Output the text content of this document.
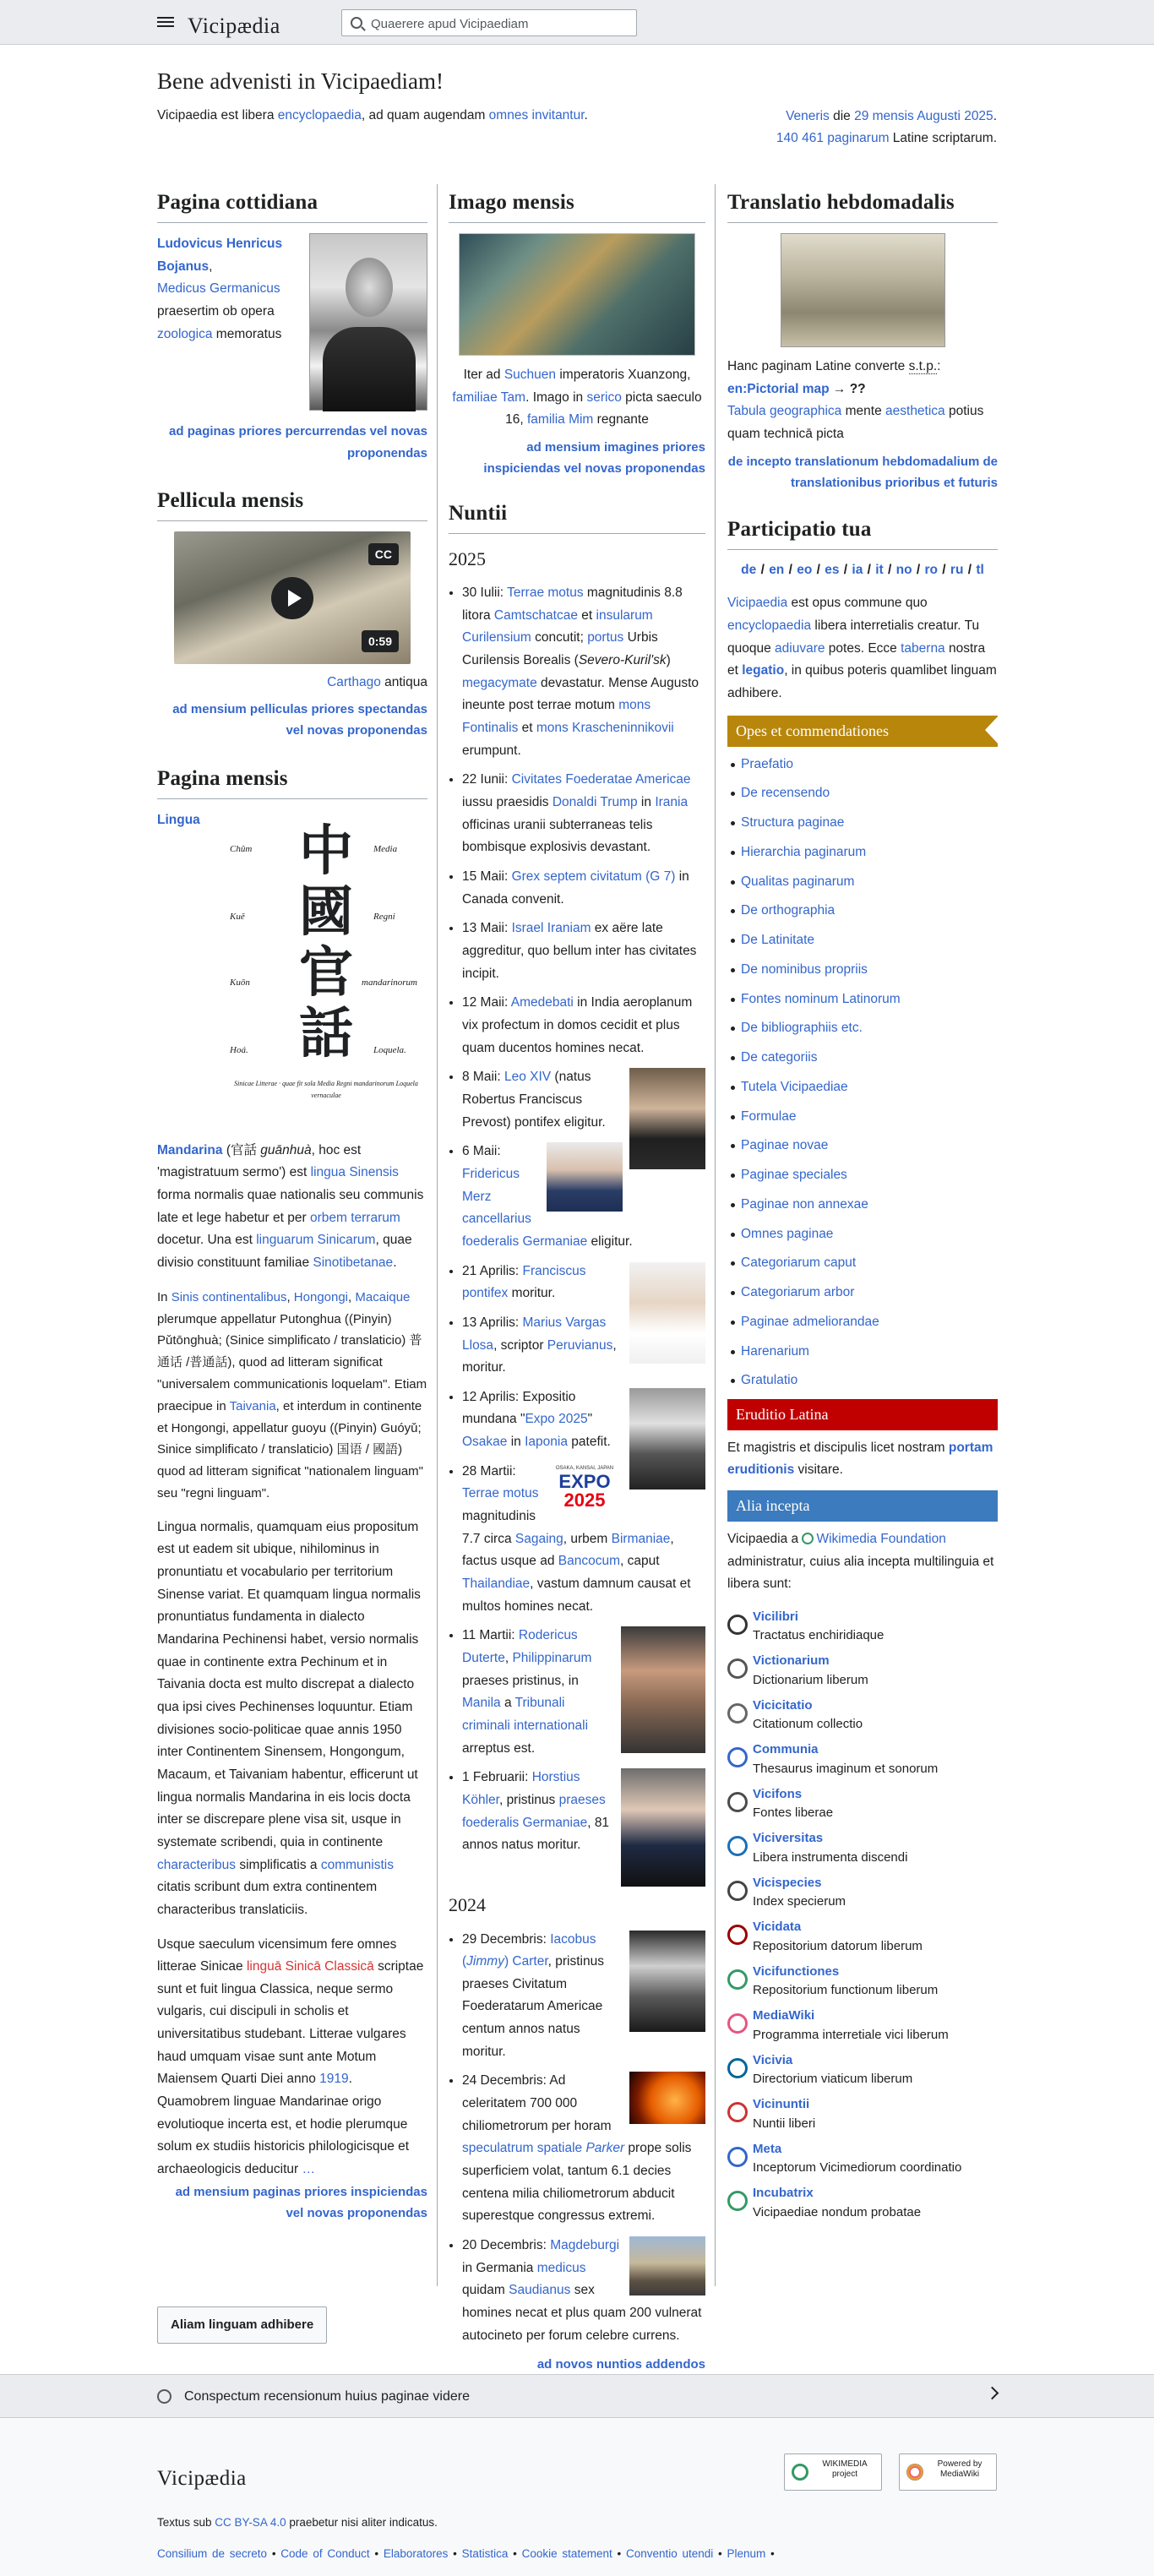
Vicipædia	Quaerere apud Vicipaediam
Bene advenisti in Vicipaediam!
Vicipaedia est libera encyclopaedia, ad quam augendam omnes invitantur.	Veneris die 29 mensis Augusti 2025.
140 461 paginarum Latine scriptarum.
Pagina cottidiana
Ludovicus Henricus Bojanus,
Medicus Germanicus praesertim ob opera zoologica memoratus
ad paginas priores percurrendas vel novas proponendas
Pellicula mensis
CC
0:59
Carthago antiqua
ad mensium pelliculas priores spectandas vel novas proponendas
Pagina mensis
中
國
官
話
Chûm
Kuĕ
Kuōn
Hoá.
Media
Regni
mandarinorum
Loquela.
Sinicae Litterae · quae fit sola Media Regni mandarinorum Loquela vernaculae
Lingua Mandarina (官話 guānhuà, hoc est 'magistratuum sermo') est lingua Sinensis forma normalis quae nationalis seu communis late et lege habetur et per orbem terrarum docetur. Una est linguarum Sinicarum, quae divisio constituunt familiae Sinotibetanae.
In Sinis continentalibus, Hongongi, Macaique plerumque appellatur Putonghua ((Pinyin) Pǔtōnghuà; (Sinice simplificato / translaticio) 普通话 /普通話), quod ad litteram significat "universalem communicationis loquelam". Etiam praecipue in Taivania, et interdum in continente et Hongongi, appellatur guoyu ((Pinyin) Guóyǔ; Sinice simplificato / translaticio) 国语 / 國語) quod ad litteram significat "nationalem linguam" seu "regni linguam".
Lingua normalis, quamquam eius propositum est ut eadem sit ubique, nihilominus in pronuntiatu et vocabulario per territorium Sinense variat. Et quamquam lingua normalis pronuntiatus fundamenta in dialecto Mandarina Pechinensi habet, versio normalis quae in continente extra Pechinum et in Taivania docta est multo discrepat a dialecto qua ipsi cives Pechinenses loquuntur. Etiam divisiones socio-politicae quae annis 1950 inter Continentem Sinensem, Hongongum, Macaum, et Taivaniam habentur, efficerunt ut lingua normalis Mandarina in eis locis docta inter se discrepare plene visa sit, usque in systemate scribendi, quia in continente characteribus simplificatis a communistis citatis scribunt dum extra continentem characteribus translaticiis.
Usque saeculum vicensimum fere omnes litterae Sinicae linguā Sinicā Classicā scriptae sunt et fuit lingua Classica, neque sermo vulgaris, cui discipuli in scholis et universitatibus studebant. Litterae vulgares haud umquam visae sunt ante Motum Maiensem Quarti Diei anno 1919. Quamobrem linguae Mandarinae origo evolutioque incerta est, et hodie plerumque solum ex studiis historicis philologicisque et archaeologicis deducitur …
ad mensium paginas priores inspiciendas vel novas proponendas
Imago mensis
Iter ad Suchuen imperatoris Xuanzong, familiae Tam. Imago in serico picta saeculo 16, familia Mim regnante
ad mensium imagines priores inspiciendas vel novas proponendas
Nuntii
2025
• 30 Iulii: Terrae motus magnitudinis 8.8 litora Camtschatcae et insularum Curilensium concutit; portus Urbis Curilensis Borealis (Severo-Kuril'sk) megacymate devastatur. Mense Augusto ineunte post terrae motum mons Fontinalis et mons Krascheninnikovii erumpunt.
• 22 Iunii: Civitates Foederatae Americae iussu praesidis Donaldi Trump in Irania officinas uranii subterraneas telis bombisque explosivis devastant.
• 15 Maii: Grex septem civitatum (G 7) in Canada convenit.
• 13 Maii: Israel Iraniam ex aëre late aggreditur, quo bellum inter has civitates incipit.
• 12 Maii: Amedebati in India aeroplanum vix profectum in domos cecidit et plus quam ducentos homines necat.
• 8 Maii: Leo XIV (natus Robertus Franciscus Prevost) pontifex eligitur.
• 6 Maii: Fridericus Merz cancellarius foederalis Germaniae eligitur.
• 21 Aprilis: Franciscus pontifex moritur.
• 13 Aprilis: Marius Vargas Llosa, scriptor Peruvianus, moritur.
• 12 Aprilis: Expositio mundana "Expo 2025" Osakae in Iaponia patefit.
• OSAKA, KANSAI, JAPAN
EXPO
2025
28 Martii: Terrae motus magnitudinis 7.7 circa Sagaing, urbem Birmaniae, factus usque ad Bancocum, caput Thailandiae, vastum damnum causat et multos homines necat.
• 11 Martii: Rodericus Duterte, Philippinarum praeses pristinus, in Manila a Tribunali criminali internationali arreptus est.
• 1 Februarii: Horstius Köhler, pristinus praeses foederalis Germaniae, 81 annos natus moritur.
2024
• 29 Decembris: Iacobus (Jimmy) Carter, pristinus praeses Civitatum Foederatarum Americae centum annos natus moritur.
• 24 Decembris: Ad celeritatem 700 000 chiliometrorum per horam speculatrum spatiale Parker prope solis superficiem volat, tantum 6.1 decies centena milia chiliometrorum abducit superestque congressus extremi.
• 20 Decembris: Magdeburgi in Germania medicus quidam Saudianus sex homines necat et plus quam 200 vulnerat autocineto per forum celebre currens.
ad novos nuntios addendos
Translatio hebdomadalis
Hanc paginam Latine converte s.t.p.:
en:Pictorial map → ??
Tabula geographica mente aesthetica potius quam technicā picta
de incepto translationum hebdomadalium de translationibus prioribus et futuris
Participatio tua
de / en / eo / es / ia / it / no / ro / ru / tl
Vicipaedia est opus commune quo encyclopaedia libera interretialis creatur. Tu quoque adiuvare potes. Ecce taberna nostra et legatio, in quibus poteris quamlibet linguam adhibere.
Opes et commendationes
Praefatio
De recensendo
Structura paginae
Hierarchia paginarum
Qualitas paginarum
De orthographia
De Latinitate
De nominibus propriis
Fontes nominum Latinorum
De bibliographiis etc.
De categoriis
Tutela Vicipaediae
Formulae
Paginae novae
Paginae speciales
Paginae non annexae
Omnes paginae
Categoriarum caput
Categoriarum arbor
Paginae admeliorandae
Harenarium
Gratulatio
Eruditio Latina
Et magistris et discipulis licet nostram portam eruditionis visitare.
Alia incepta
Vicipaedia a Wikimedia Foundation administratur, cuius alia incepta multilinguia et libera sunt:
Vicilibri
Tractatus enchiridiaque
Victionarium
Dictionarium liberum
Vicicitatio
Citationum collectio
Communia
Thesaurus imaginum et sonorum
Vicifons
Fontes liberae
Viciversitas
Libera instrumenta discendi
Vicispecies
Index specierum
Vicidata
Repositorium datorum liberum
Vicifunctiones
Repositorium functionum liberum
MediaWiki
Programma interretiale vici liberum
Vicivia
Directorium viaticum liberum
Vicinuntii
Nuntii liberi
Meta
Inceptorum Vicimediorum coordinatio
Incubatrix
Vicipaediae nondum probatae
Aliam linguam adhibere
Conspectum recensionum huius paginae videre
Vicipædia
WIKIMEDIA project
Powered by MediaWiki
Textus sub CC BY-SA 4.0 praebetur nisi aliter indicatus.
Consilium de secreto • Code of Conduct • Elaboratores • Statistica • Cookie statement • Conventio utendi • Plenum •
